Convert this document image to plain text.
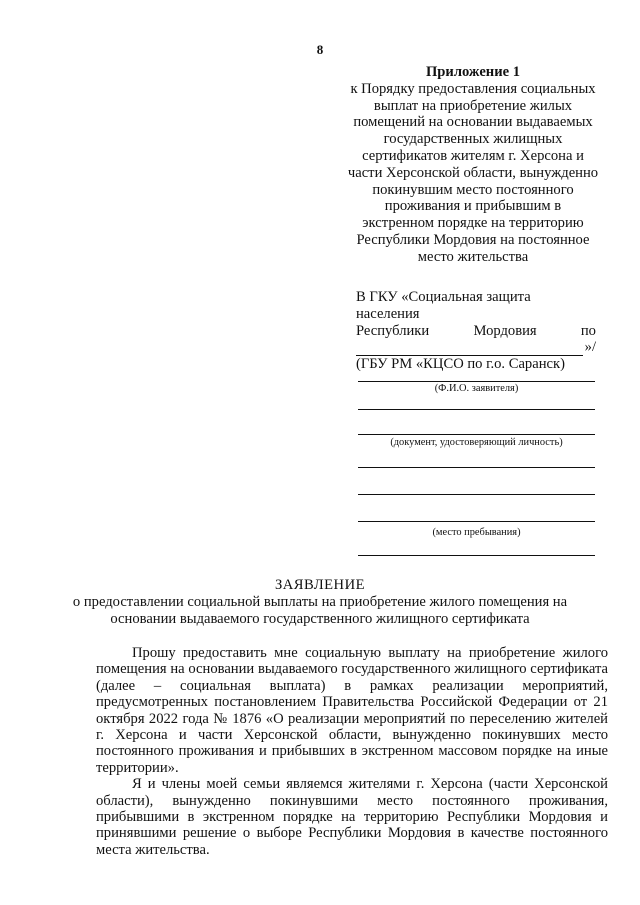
8
Приложение 1
к Порядку предоставления социальных
выплат на приобретение жилых
помещений на основании выдаваемых
государственных жилищных
сертификатов жителям г. Херсона и
части Херсонской области, вынужденно
покинувшим место постоянного
проживания и прибывшим в
экстренном порядке на территорию
Республики Мордовия на постоянное
место жительства
В ГКУ «Социальная защита населения
Республики	Мордовия	по
»/
(ГБУ РМ «КЦСО по г.о. Саранск)
(Ф.И.О. заявителя)
(документ, удостоверяющий личность)
(место пребывания)
ЗАЯВЛЕНИЕ
о предоставлении социальной выплаты на приобретение жилого помещения на
основании выдаваемого государственного жилищного сертификата

Прошу предоставить мне социальную выплату на приобретение жилого помещения на основании выдаваемого государственного жилищного сертификата (далее – социальная выплата) в рамках реализации мероприятий, предусмотренных постановлением Правительства Российской Федерации от 21 октября 2022 года № 1876 «О реализации мероприятий по переселению жителей г. Херсона и части Херсонской области, вынужденно покинувших место постоянного проживания и прибывших в экстренном массовом порядке на иные территории».

Я и члены моей семьи являемся жителями г. Херсона (части Херсонской области), вынужденно покинувшими место постоянного проживания, прибывшими в экстренном порядке на территорию Республики Мордовия и принявшими решение о выборе Республики Мордовия в качестве постоянного места жительства.
